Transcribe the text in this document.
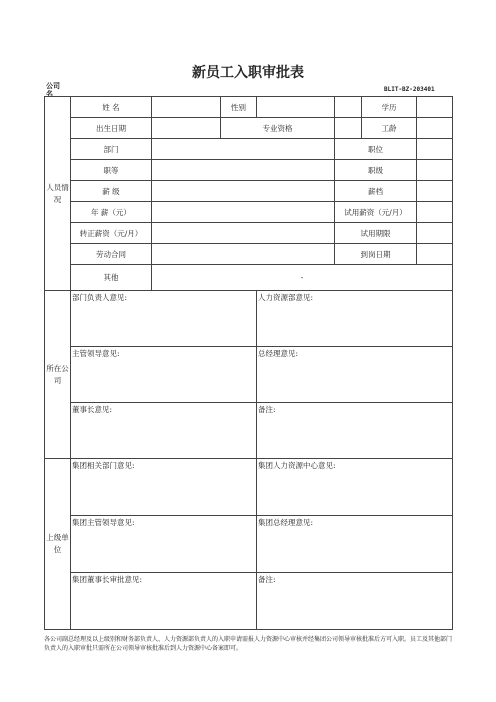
新员工入职审批表
公司名
BLIT-BZ-203401
人员情况	姓 名		性别			学历	
	出生日期		专业资格			工龄	
	部门				职位		
	职等				职级		
	薪 级				薪档		
	年 薪（元）				试用薪资（元/月）		
	转正薪资（元/月）				试用期限		
	劳动合同				到岗日期		
	其他	-					
所在公司	部门负责人意见:			人力资源部意见:			
	主管领导意见:			总经理意见:			
	董事长意见:			备注:			
上级单位	集团相关部门意见:			集团人力资源中心意见:			
	集团主管领导意见:			集团总经理意见:			
	集团董事长审批意见:			备注:			
各公司副总经理及以上级别和财务部负责人、人力资源部负责人的入职申请需报人力资源中心审核并经集团公司领导审核批准后方可入职。员工及其他部门负责人的入职审批只需所在公司领导审核批准后到人力资源中心备案即可。
